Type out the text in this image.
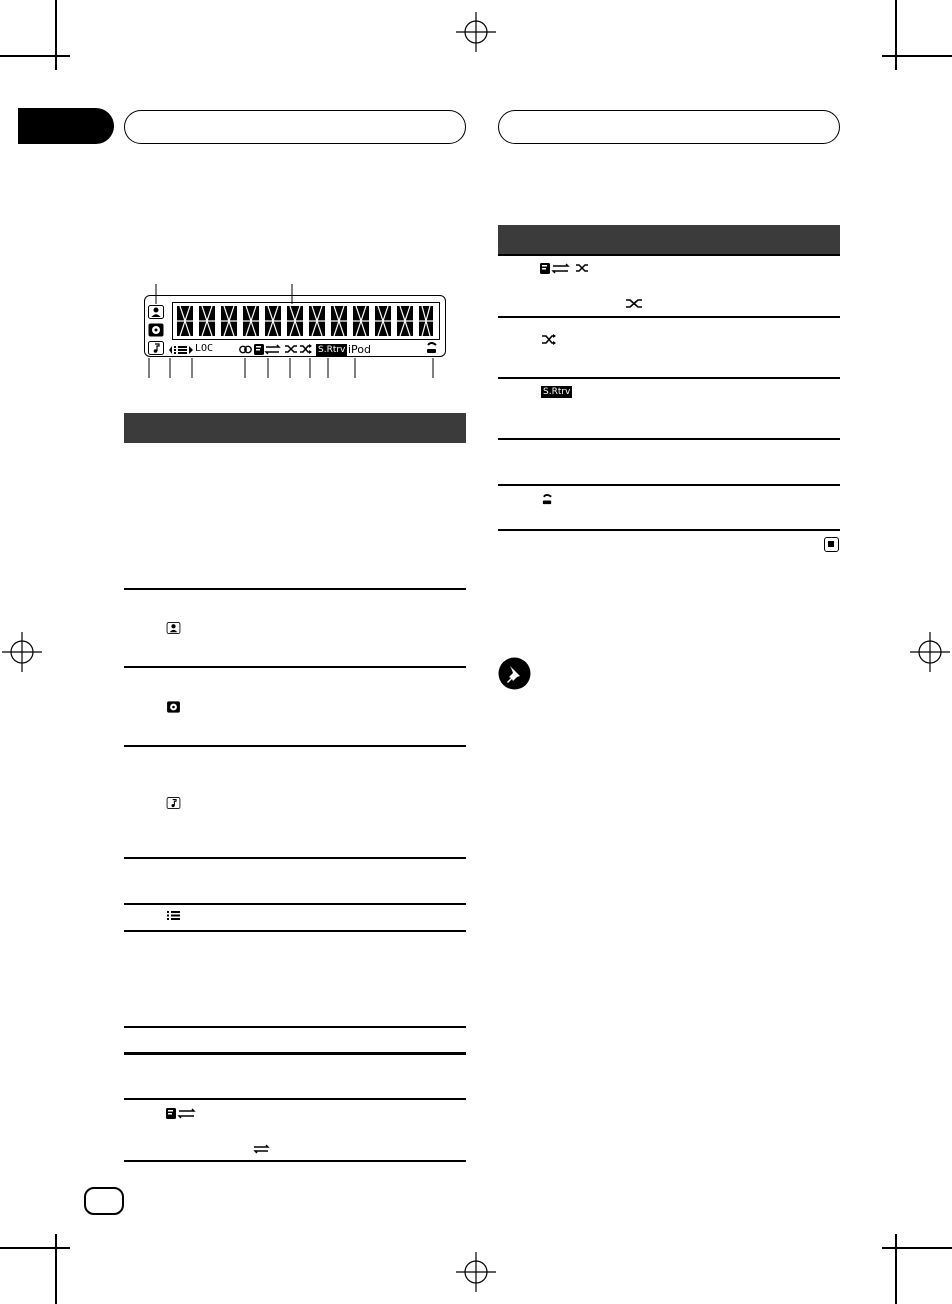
LOC	S.Rtrv iPod
S.Rtrv
